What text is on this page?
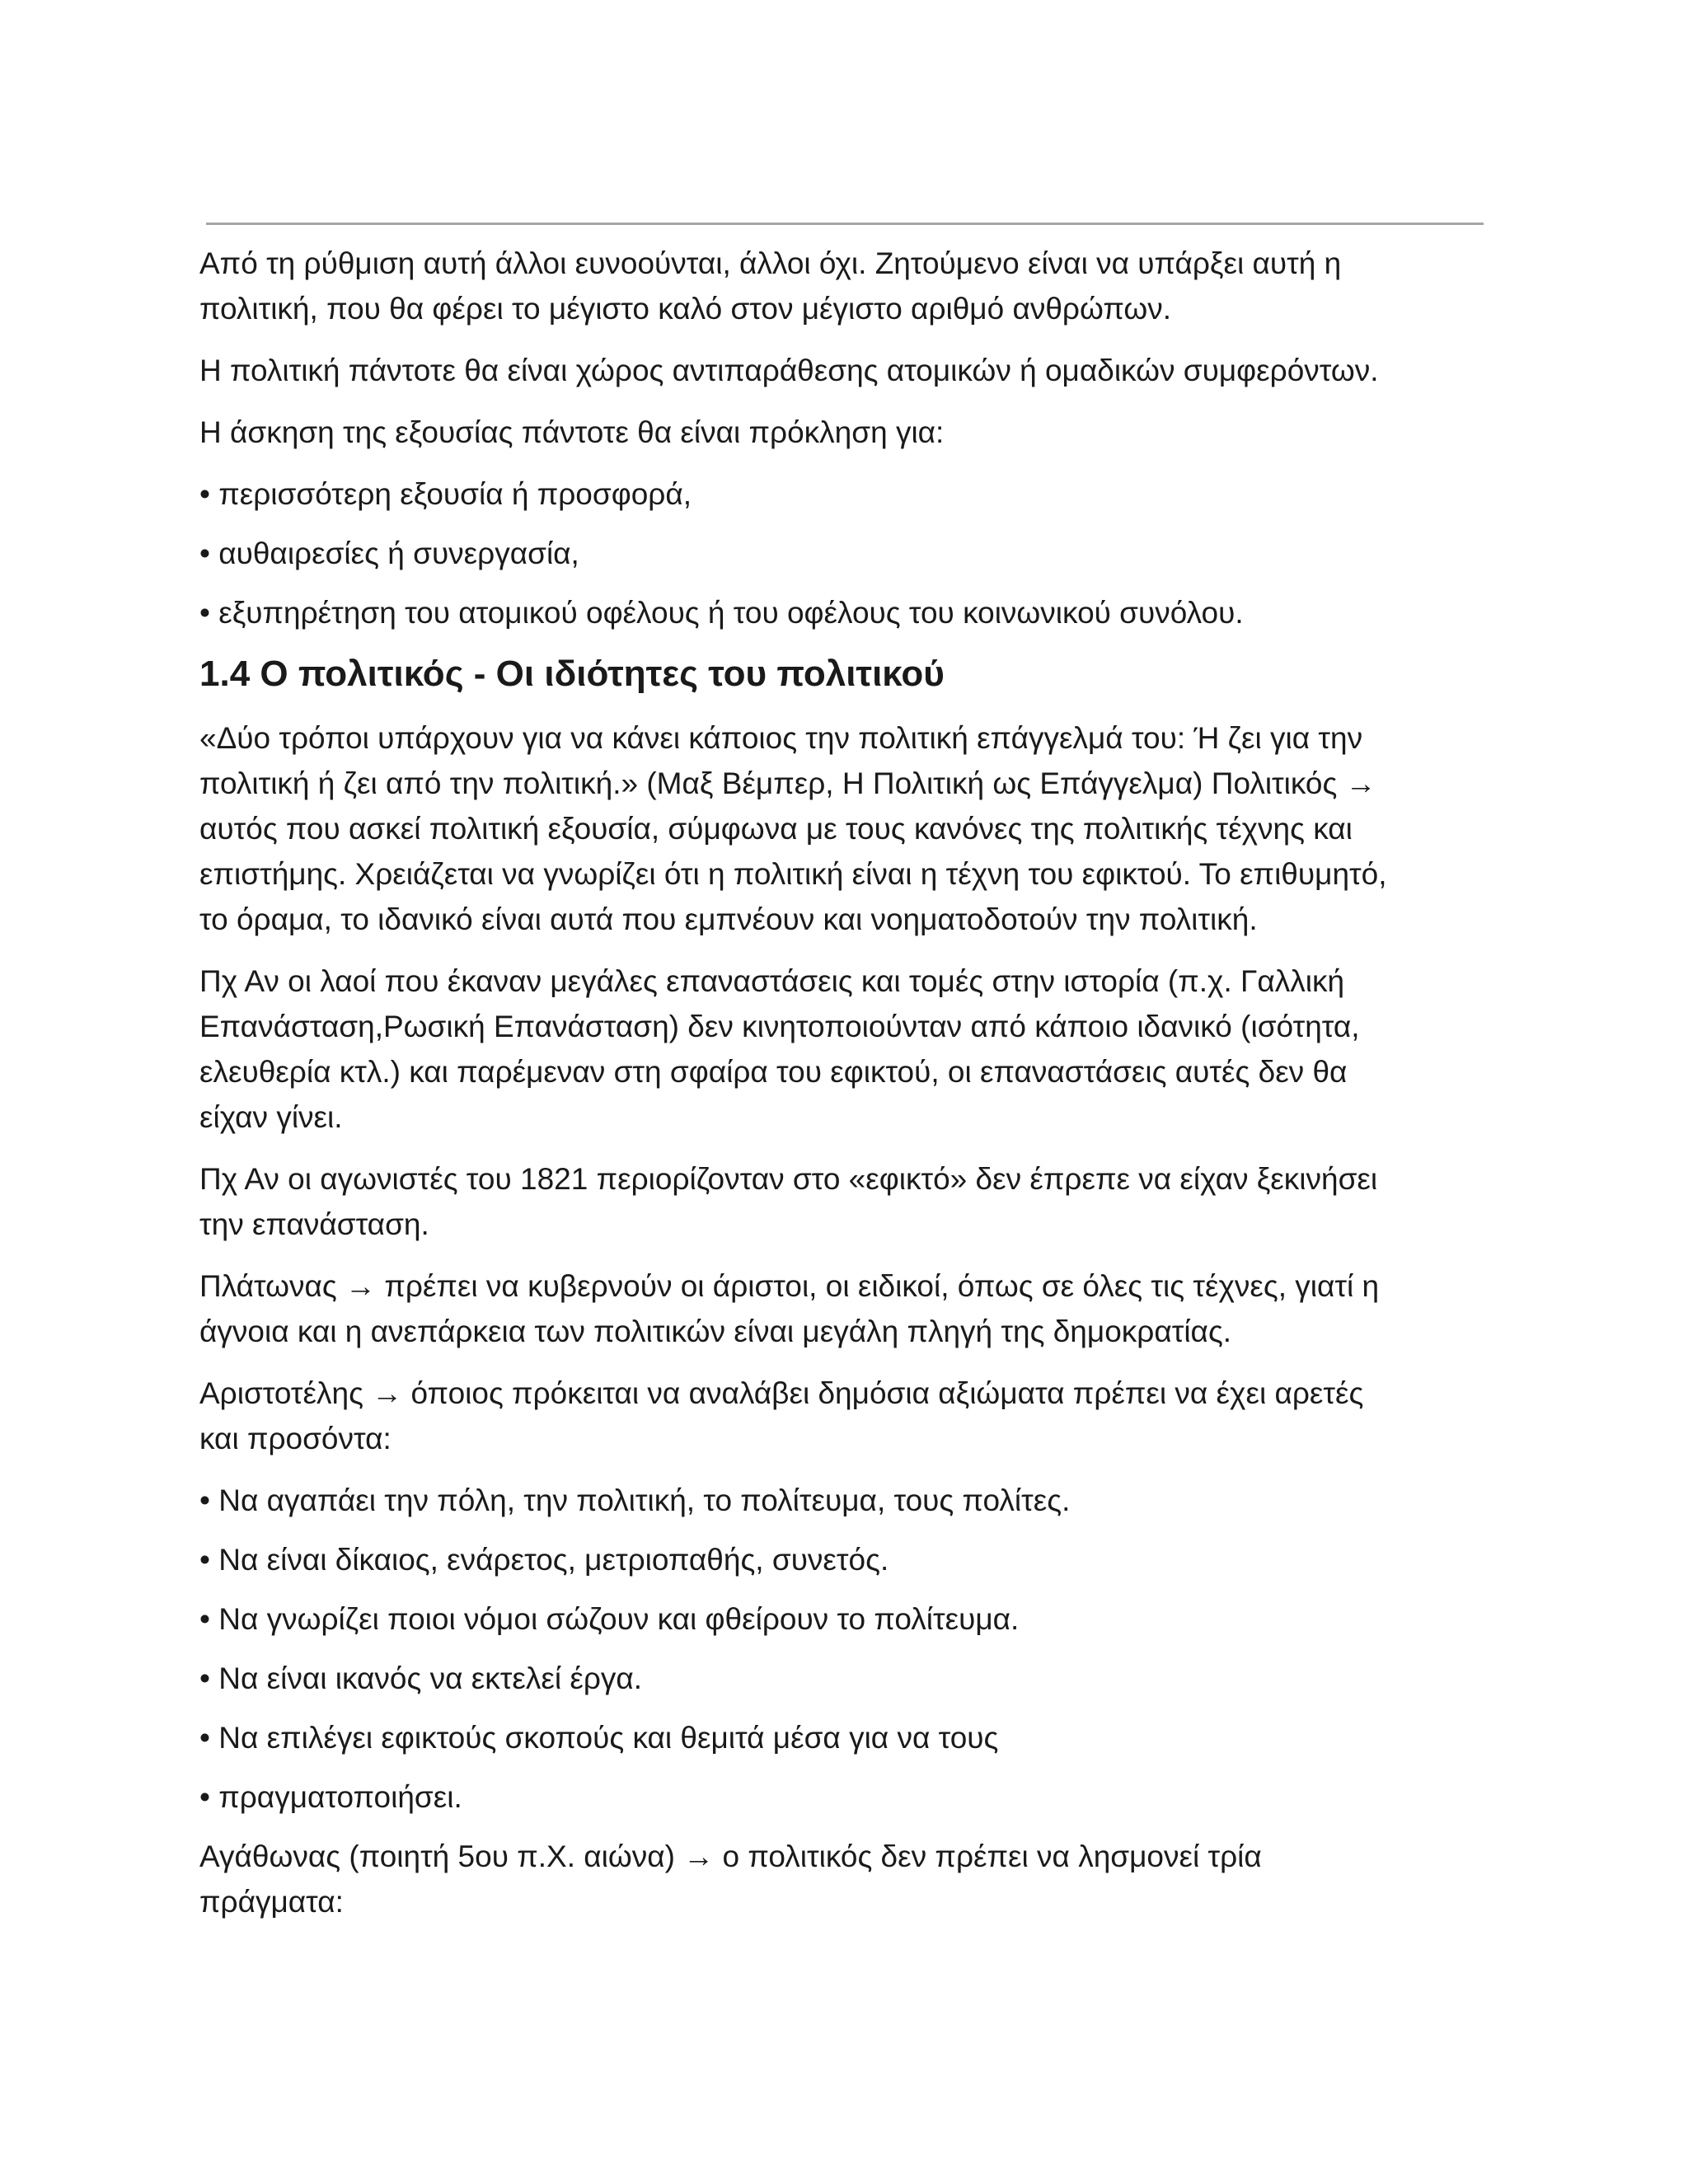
Από τη ρύθμιση αυτή άλλοι ευνοούνται, άλλοι όχι. Ζητούμενο είναι να υπάρξει αυτή η
πολιτική, που θα φέρει το μέγιστο καλό στον μέγιστο αριθμό ανθρώπων.

Η πολιτική πάντοτε θα είναι χώρος αντιπαράθεσης ατομικών ή ομαδικών συμφερόντων.

Η άσκηση της εξουσίας πάντοτε θα είναι πρόκληση για:

• περισσότερη εξουσία ή προσφορά,

• αυθαιρεσίες ή συνεργασία,

• εξυπηρέτηση του ατομικού οφέλους ή του οφέλους του κοινωνικού συνόλου.

1.4 Ο πολιτικός - Οι ιδιότητες του πολιτικού

«Δύο τρόποι υπάρχουν για να κάνει κάποιος την πολιτική επάγγελμά του: Ή ζει για την
πολιτική ή ζει από την πολιτική.» (Μαξ Βέμπερ, Η Πολιτική ως Επάγγελμα) Πολιτικός →
αυτός που ασκεί πολιτική εξουσία, σύμφωνα με τους κανόνες της πολιτικής τέχνης και
επιστήμης. Χρειάζεται να γνωρίζει ότι η πολιτική είναι η τέχνη του εφικτού. Το επιθυμητό,
το όραμα, το ιδανικό είναι αυτά που εμπνέουν και νοηματοδοτούν την πολιτική.

Πχ Αν οι λαοί που έκαναν μεγάλες επαναστάσεις και τομές στην ιστορία (π.χ. Γαλλική
Επανάσταση,Ρωσική Επανάσταση) δεν κινητοποιούνταν από κάποιο ιδανικό (ισότητα,
ελευθερία κτλ.) και παρέμεναν στη σφαίρα του εφικτού, οι επαναστάσεις αυτές δεν θα
είχαν γίνει.

Πχ Αν οι αγωνιστές του 1821 περιορίζονταν στο «εφικτό» δεν έπρεπε να είχαν ξεκινήσει
την επανάσταση.

Πλάτωνας → πρέπει να κυβερνούν οι άριστοι, οι ειδικοί, όπως σε όλες τις τέχνες, γιατί η
άγνοια και η ανεπάρκεια των πολιτικών είναι μεγάλη πληγή της δημοκρατίας.

Αριστοτέλης → όποιος πρόκειται να αναλάβει δημόσια αξιώματα πρέπει να έχει αρετές
και προσόντα:

• Να αγαπάει την πόλη, την πολιτική, το πολίτευμα, τους πολίτες.

• Να είναι δίκαιος, ενάρετος, μετριοπαθής, συνετός.

• Να γνωρίζει ποιοι νόμοι σώζουν και φθείρουν το πολίτευμα.

• Να είναι ικανός να εκτελεί έργα.

• Να επιλέγει εφικτούς σκοπούς και θεμιτά μέσα για να τους

• πραγματοποιήσει.

Αγάθωνας (ποιητή 5ου π.Χ. αιώνα) → ο πολιτικός δεν πρέπει να λησμονεί τρία
πράγματα:
